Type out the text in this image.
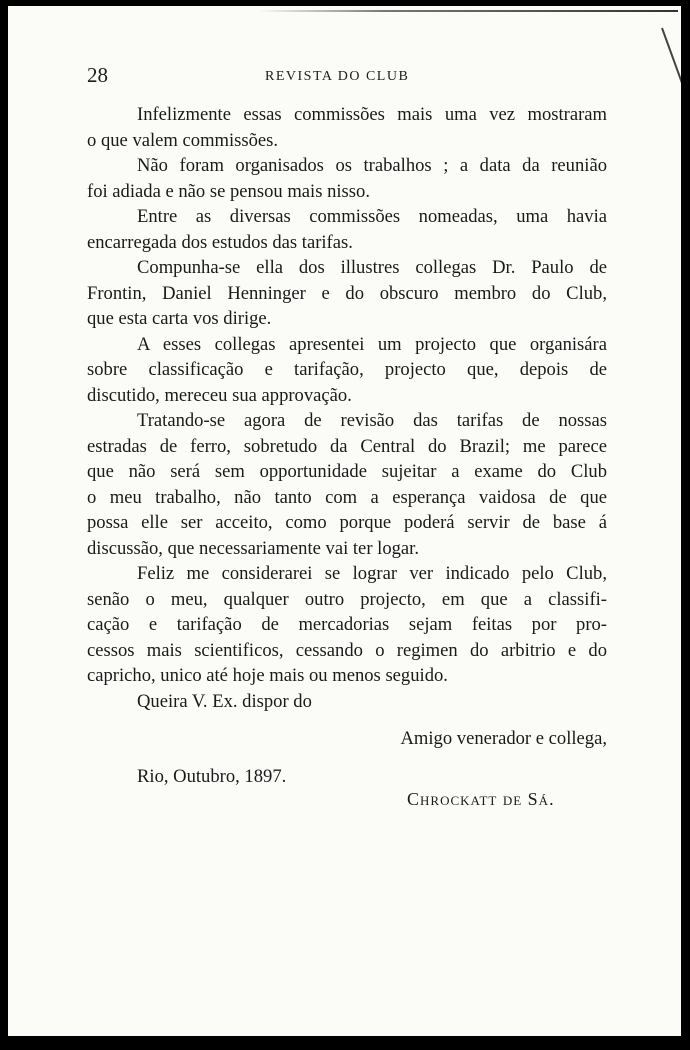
28	REVISTA DO CLUB

Infelizmente essas commissões mais uma vez mostraram
o que valem commissões.

Não foram organisados os trabalhos ; a data da reunião
foi adiada e não se pensou mais nisso.

Entre as diversas commissões nomeadas, uma havia
encarregada dos estudos das tarifas.

Compunha-se ella dos illustres collegas Dr. Paulo de
Frontin, Daniel Henninger e do obscuro membro do Club,
que esta carta vos dirige.

A esses collegas apresentei um projecto que organisára
sobre classificação e tarifação, projecto que, depois de
discutido, mereceu sua approvação.

Tratando-se agora de revisão das tarifas de nossas
estradas de ferro, sobretudo da Central do Brazil; me parece
que não será sem opportunidade sujeitar a exame do Club
o meu trabalho, não tanto com a esperança vaidosa de que
possa elle ser acceito, como porque poderá servir de base á
discussão, que necessariamente vai ter logar.

Feliz me considerarei se lograr ver indicado pelo Club,
senão o meu, qualquer outro projecto, em que a classifi-
cação e tarifação de mercadorias sejam feitas por pro-
cessos mais scientificos, cessando o regimen do arbitrio e do
capricho, unico até hoje mais ou menos seguido.

Queira V. Ex. dispor do
Amigo venerador e collega,
Rio, Outubro, 1897.
Chrockatt de Sá.
